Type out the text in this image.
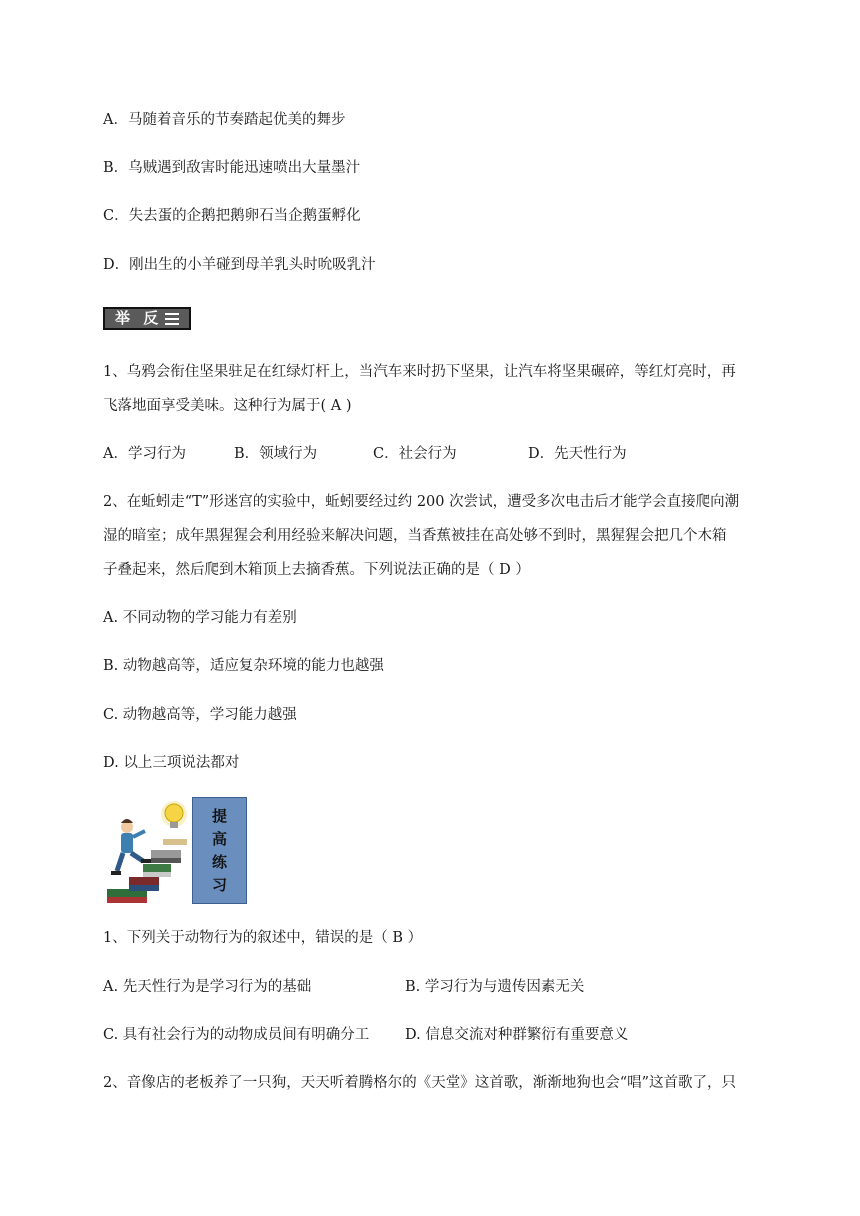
A．马随着音乐的节奏踏起优美的舞步
B．乌贼遇到敌害时能迅速喷出大量墨汁
C．失去蛋的企鹅把鹅卵石当企鹅蛋孵化
D．刚出生的小羊碰到母羊乳头时吮吸乳汁
举 反
1、乌鸦会衔住坚果驻足在红绿灯杆上，当汽车来时扔下坚果，让汽车将坚果碾碎，等红灯亮时，再
飞落地面享受美味。这种行为属于( A )
A．学习行为	B．领域行为	C．社会行为	D．先天性行为
2、在蚯蚓走“T”形迷宫的实验中，蚯蚓要经过约 200 次尝试，遭受多次电击后才能学会直接爬向潮
湿的暗室；成年黑猩猩会利用经验来解决问题，当香蕉被挂在高处够不到时，黑猩猩会把几个木箱
子叠起来，然后爬到木箱顶上去摘香蕉。下列说法正确的是（ D ）
A. 不同动物的学习能力有差别
B. 动物越高等，适应复杂环境的能力也越强
C. 动物越高等，学习能力越强
D. 以上三项说法都对
提
高
练
习
1、下列关于动物行为的叙述中，错误的是（ B ）
A. 先天性行为是学习行为的基础	B. 学习行为与遗传因素无关
C. 具有社会行为的动物成员间有明确分工 D. 信息交流对种群繁衍有重要意义
2、音像店的老板养了一只狗，天天听着腾格尔的《天堂》这首歌，渐渐地狗也会“唱”这首歌了，只
